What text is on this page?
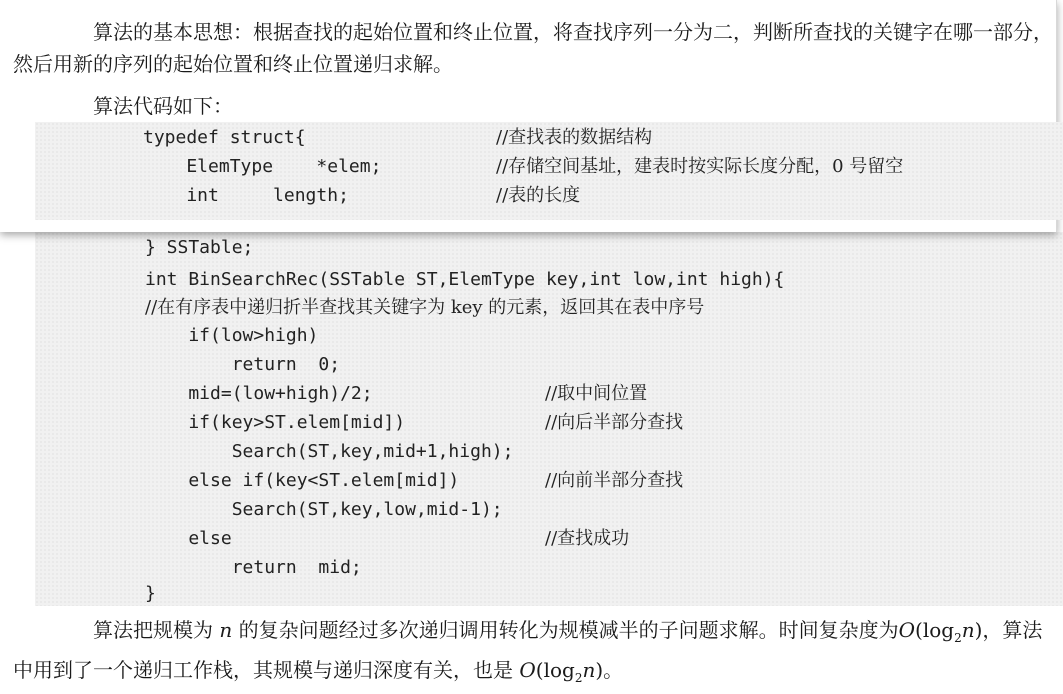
算法的基本思想：根据查找的起始位置和终止位置，将查找序列一分为二，判断所查找的关键字在哪一部分，然后用新的序列的起始位置和终止位置递归求解。
算法代码如下：
typedef struct{	//查找表的数据结构
ElemType    *elem;	//存储空间基址，建表时按实际长度分配，0 号留空
int     length;	//表的长度
} SSTable;
int BinSearchRec(SSTable ST,ElemType key,int low,int high){
//在有序表中递归折半查找其关键字为 key 的元素，返回其在表中序号
if(low>high)
return  0;
mid=(low+high)/2;	//取中间位置
if(key>ST.elem[mid])	//向后半部分查找
Search(ST,key,mid+1,high);
else if(key<ST.elem[mid])	//向前半部分查找
Search(ST,key,low,mid-1);
else	//查找成功
return  mid;
}
算法把规模为 n 的复杂问题经过多次递归调用转化为规模减半的子问题求解。时间复杂度为$O(\log_2n)$，算法中用到了一个递归工作栈，其规模与递归深度有关，也是 $O(\log_2n)$。
